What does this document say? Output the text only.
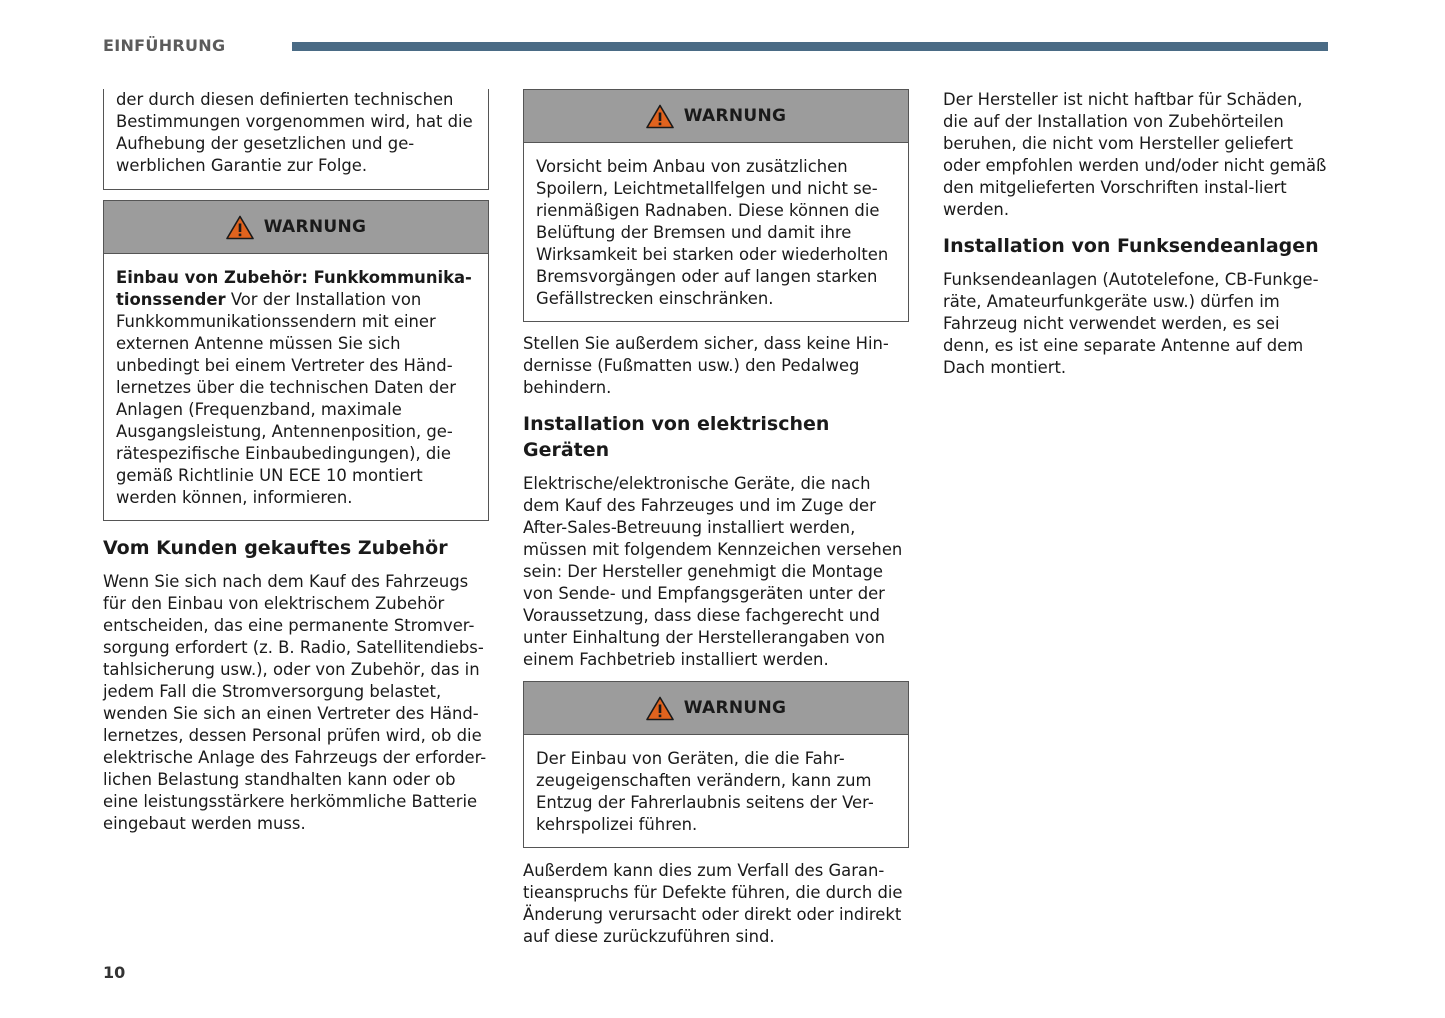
EINFÜHRUNG

der durch diesen definierten technischen Bestimmungen vorgenommen wird, hat die Aufhebung der gesetzlichen und ge-werblichen Garantie zur Folge.

WARNUNG

Einbau von Zubehör: Funkkommunika-tionssender Vor der Installation von Funkkommunikationssendern mit einer externen Antenne müssen Sie sich unbedingt bei einem Vertreter des Händ-lernetzes über die technischen Daten der Anlagen (Frequenzband, maximale Ausgangsleistung, Antennenposition, ge-rätespezifische Einbaubedingungen), die gemäß Richtlinie UN ECE 10 montiert werden können, informieren.

Vom Kunden gekauftes Zubehör

Wenn Sie sich nach dem Kauf des Fahrzeugs für den Einbau von elektrischem Zubehör entscheiden, das eine permanente Stromver-sorgung erfordert (z. B. Radio, Satellitendiebs-tahlsicherung usw.), oder von Zubehör, das in jedem Fall die Stromversorgung belastet, wenden Sie sich an einen Vertreter des Händ-lernetzes, dessen Personal prüfen wird, ob die elektrische Anlage des Fahrzeugs der erforder-lichen Belastung standhalten kann oder ob eine leistungsstärkere herkömmliche Batterie eingebaut werden muss.

WARNUNG

Vorsicht beim Anbau von zusätzlichen Spoilern, Leichtmetallfelgen und nicht se-rienmäßigen Radnaben. Diese können die Belüftung der Bremsen und damit ihre Wirksamkeit bei starken oder wiederholten Bremsvorgängen oder auf langen starken Gefällstrecken einschränken.

Stellen Sie außerdem sicher, dass keine Hin-dernisse (Fußmatten usw.) den Pedalweg behindern.

Installation von elektrischen Geräten

Elektrische/elektronische Geräte, die nach dem Kauf des Fahrzeuges und im Zuge der After-Sales-Betreuung installiert werden, müssen mit folgendem Kennzeichen versehen sein: Der Hersteller genehmigt die Montage von Sende- und Empfangsgeräten unter der Voraussetzung, dass diese fachgerecht und unter Einhaltung der Herstellerangaben von einem Fachbetrieb installiert werden.

WARNUNG

Der Einbau von Geräten, die die Fahr-zeugeigenschaften verändern, kann zum Entzug der Fahrerlaubnis seitens der Ver-kehrspolizei führen.

Außerdem kann dies zum Verfall des Garan-tieanspruchs für Defekte führen, die durch die Änderung verursacht oder direkt oder indirekt auf diese zurückzuführen sind.

Der Hersteller ist nicht haftbar für Schäden, die auf der Installation von Zubehörteilen beruhen, die nicht vom Hersteller geliefert oder empfohlen werden und/oder nicht gemäß den mitgelieferten Vorschriften instal-liert werden.

Installation von Funksendeanlagen

Funksendeanlagen (Autotelefone, CB-Funkge-räte, Amateurfunkgeräte usw.) dürfen im Fahrzeug nicht verwendet werden, es sei denn, es ist eine separate Antenne auf dem Dach montiert.

10
